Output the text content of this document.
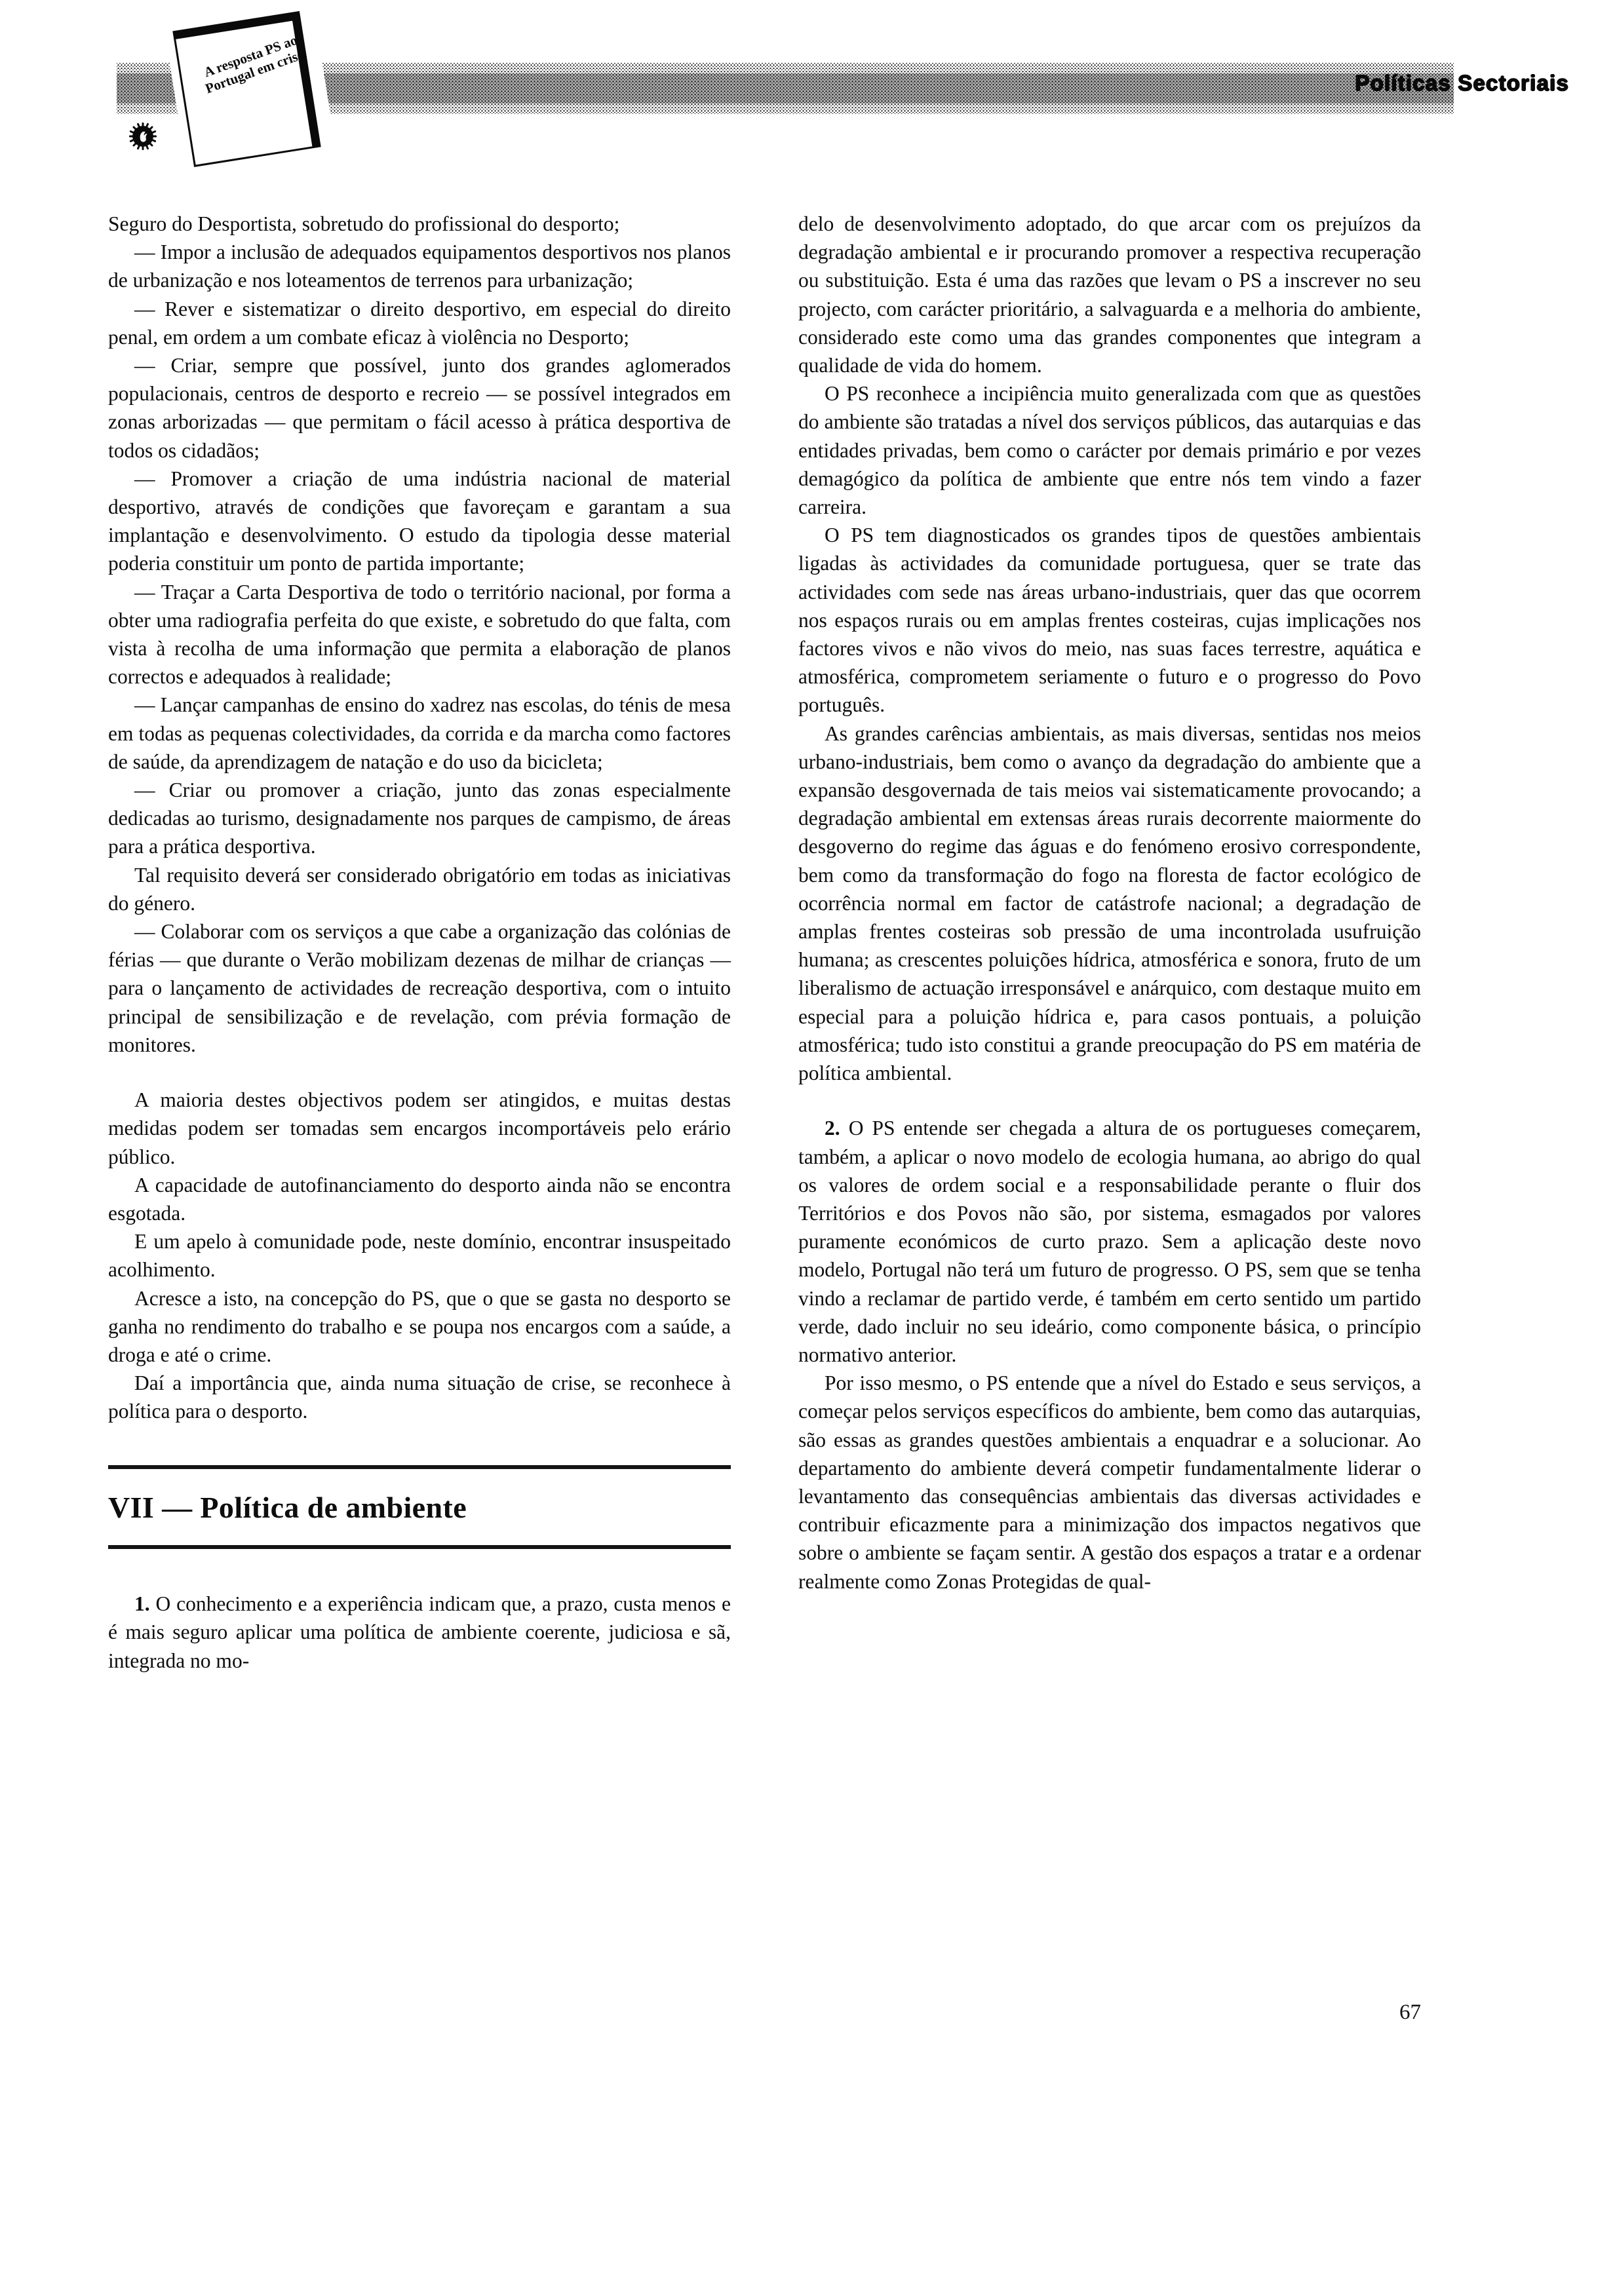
Políticas Sectoriais
A resposta PS ao Portugal em crise.

Seguro do Desportista, sobretudo do profissional do desporto;

— Impor a inclusão de adequados equipamentos desportivos nos planos de urbanização e nos loteamentos de terrenos para urbanização;

— Rever e sistematizar o direito desportivo, em especial do direito penal, em ordem a um combate eficaz à violência no Desporto;

— Criar, sempre que possível, junto dos grandes aglomerados populacionais, centros de desporto e recreio — se possível integrados em zonas arborizadas — que permitam o fácil acesso à prática desportiva de todos os cidadãos;

— Promover a criação de uma indústria nacional de material desportivo, através de condições que favoreçam e garantam a sua implantação e desenvolvimento. O estudo da tipologia desse material poderia constituir um ponto de partida importante;

— Traçar a Carta Desportiva de todo o território nacional, por forma a obter uma radiografia perfeita do que existe, e sobretudo do que falta, com vista à recolha de uma informação que permita a elaboração de planos correctos e adequados à realidade;

— Lançar campanhas de ensino do xadrez nas escolas, do ténis de mesa em todas as pequenas colectividades, da corrida e da marcha como factores de saúde, da aprendizagem de natação e do uso da bicicleta;

— Criar ou promover a criação, junto das zonas especialmente dedicadas ao turismo, designadamente nos parques de campismo, de áreas para a prática desportiva.

Tal requisito deverá ser considerado obrigatório em todas as iniciativas do género.

— Colaborar com os serviços a que cabe a organização das colónias de férias — que durante o Verão mobilizam dezenas de milhar de crianças — para o lançamento de actividades de recreação desportiva, com o intuito principal de sensibilização e de revelação, com prévia formação de monitores.

A maioria destes objectivos podem ser atingidos, e muitas destas medidas podem ser tomadas sem encargos incomportáveis pelo erário público.

A capacidade de autofinanciamento do desporto ainda não se encontra esgotada.

E um apelo à comunidade pode, neste domínio, encontrar insuspeitado acolhimento.

Acresce a isto, na concepção do PS, que o que se gasta no desporto se ganha no rendimento do trabalho e se poupa nos encargos com a saúde, a droga e até o crime.

Daí a importância que, ainda numa situação de crise, se reconhece à política para o desporto.

VII — Política de ambiente

1. O conhecimento e a experiência indicam que, a prazo, custa menos e é mais seguro aplicar uma política de ambiente coerente, judiciosa e sã, integrada no mo-

delo de desenvolvimento adoptado, do que arcar com os prejuízos da degradação ambiental e ir procurando promover a respectiva recuperação ou substituição. Esta é uma das razões que levam o PS a inscrever no seu projecto, com carácter prioritário, a salvaguarda e a melhoria do ambiente, considerado este como uma das grandes componentes que integram a qualidade de vida do homem.

O PS reconhece a incipiência muito generalizada com que as questões do ambiente são tratadas a nível dos serviços públicos, das autarquias e das entidades privadas, bem como o carácter por demais primário e por vezes demagógico da política de ambiente que entre nós tem vindo a fazer carreira.

O PS tem diagnosticados os grandes tipos de questões ambientais ligadas às actividades da comunidade portuguesa, quer se trate das actividades com sede nas áreas urbano-industriais, quer das que ocorrem nos espaços rurais ou em amplas frentes costeiras, cujas implicações nos factores vivos e não vivos do meio, nas suas faces terrestre, aquática e atmosférica, comprometem seriamente o futuro e o progresso do Povo português.

As grandes carências ambientais, as mais diversas, sentidas nos meios urbano-industriais, bem como o avanço da degradação do ambiente que a expansão desgovernada de tais meios vai sistematicamente provocando; a degradação ambiental em extensas áreas rurais decorrente maiormente do desgoverno do regime das águas e do fenómeno erosivo correspondente, bem como da transformação do fogo na floresta de factor ecológico de ocorrência normal em factor de catástrofe nacional; a degradação de amplas frentes costeiras sob pressão de uma incontrolada usufruição humana; as crescentes poluições hídrica, atmosférica e sonora, fruto de um liberalismo de actuação irresponsável e anárquico, com destaque muito em especial para a poluição hídrica e, para casos pontuais, a poluição atmosférica; tudo isto constitui a grande preocupação do PS em matéria de política ambiental.

2. O PS entende ser chegada a altura de os portugueses começarem, também, a aplicar o novo modelo de ecologia humana, ao abrigo do qual os valores de ordem social e a responsabilidade perante o fluir dos Territórios e dos Povos não são, por sistema, esmagados por valores puramente económicos de curto prazo. Sem a aplicação deste novo modelo, Portugal não terá um futuro de progresso. O PS, sem que se tenha vindo a reclamar de partido verde, é também em certo sentido um partido verde, dado incluir no seu ideário, como componente básica, o princípio normativo anterior.

Por isso mesmo, o PS entende que a nível do Estado e seus serviços, a começar pelos serviços específicos do ambiente, bem como das autarquias, são essas as grandes questões ambientais a enquadrar e a solucionar. Ao departamento do ambiente deverá competir fundamentalmente liderar o levantamento das consequências ambientais das diversas actividades e contribuir eficazmente para a minimização dos impactos negativos que sobre o ambiente se façam sentir. A gestão dos espaços a tratar e a ordenar realmente como Zonas Protegidas de qual-

67
